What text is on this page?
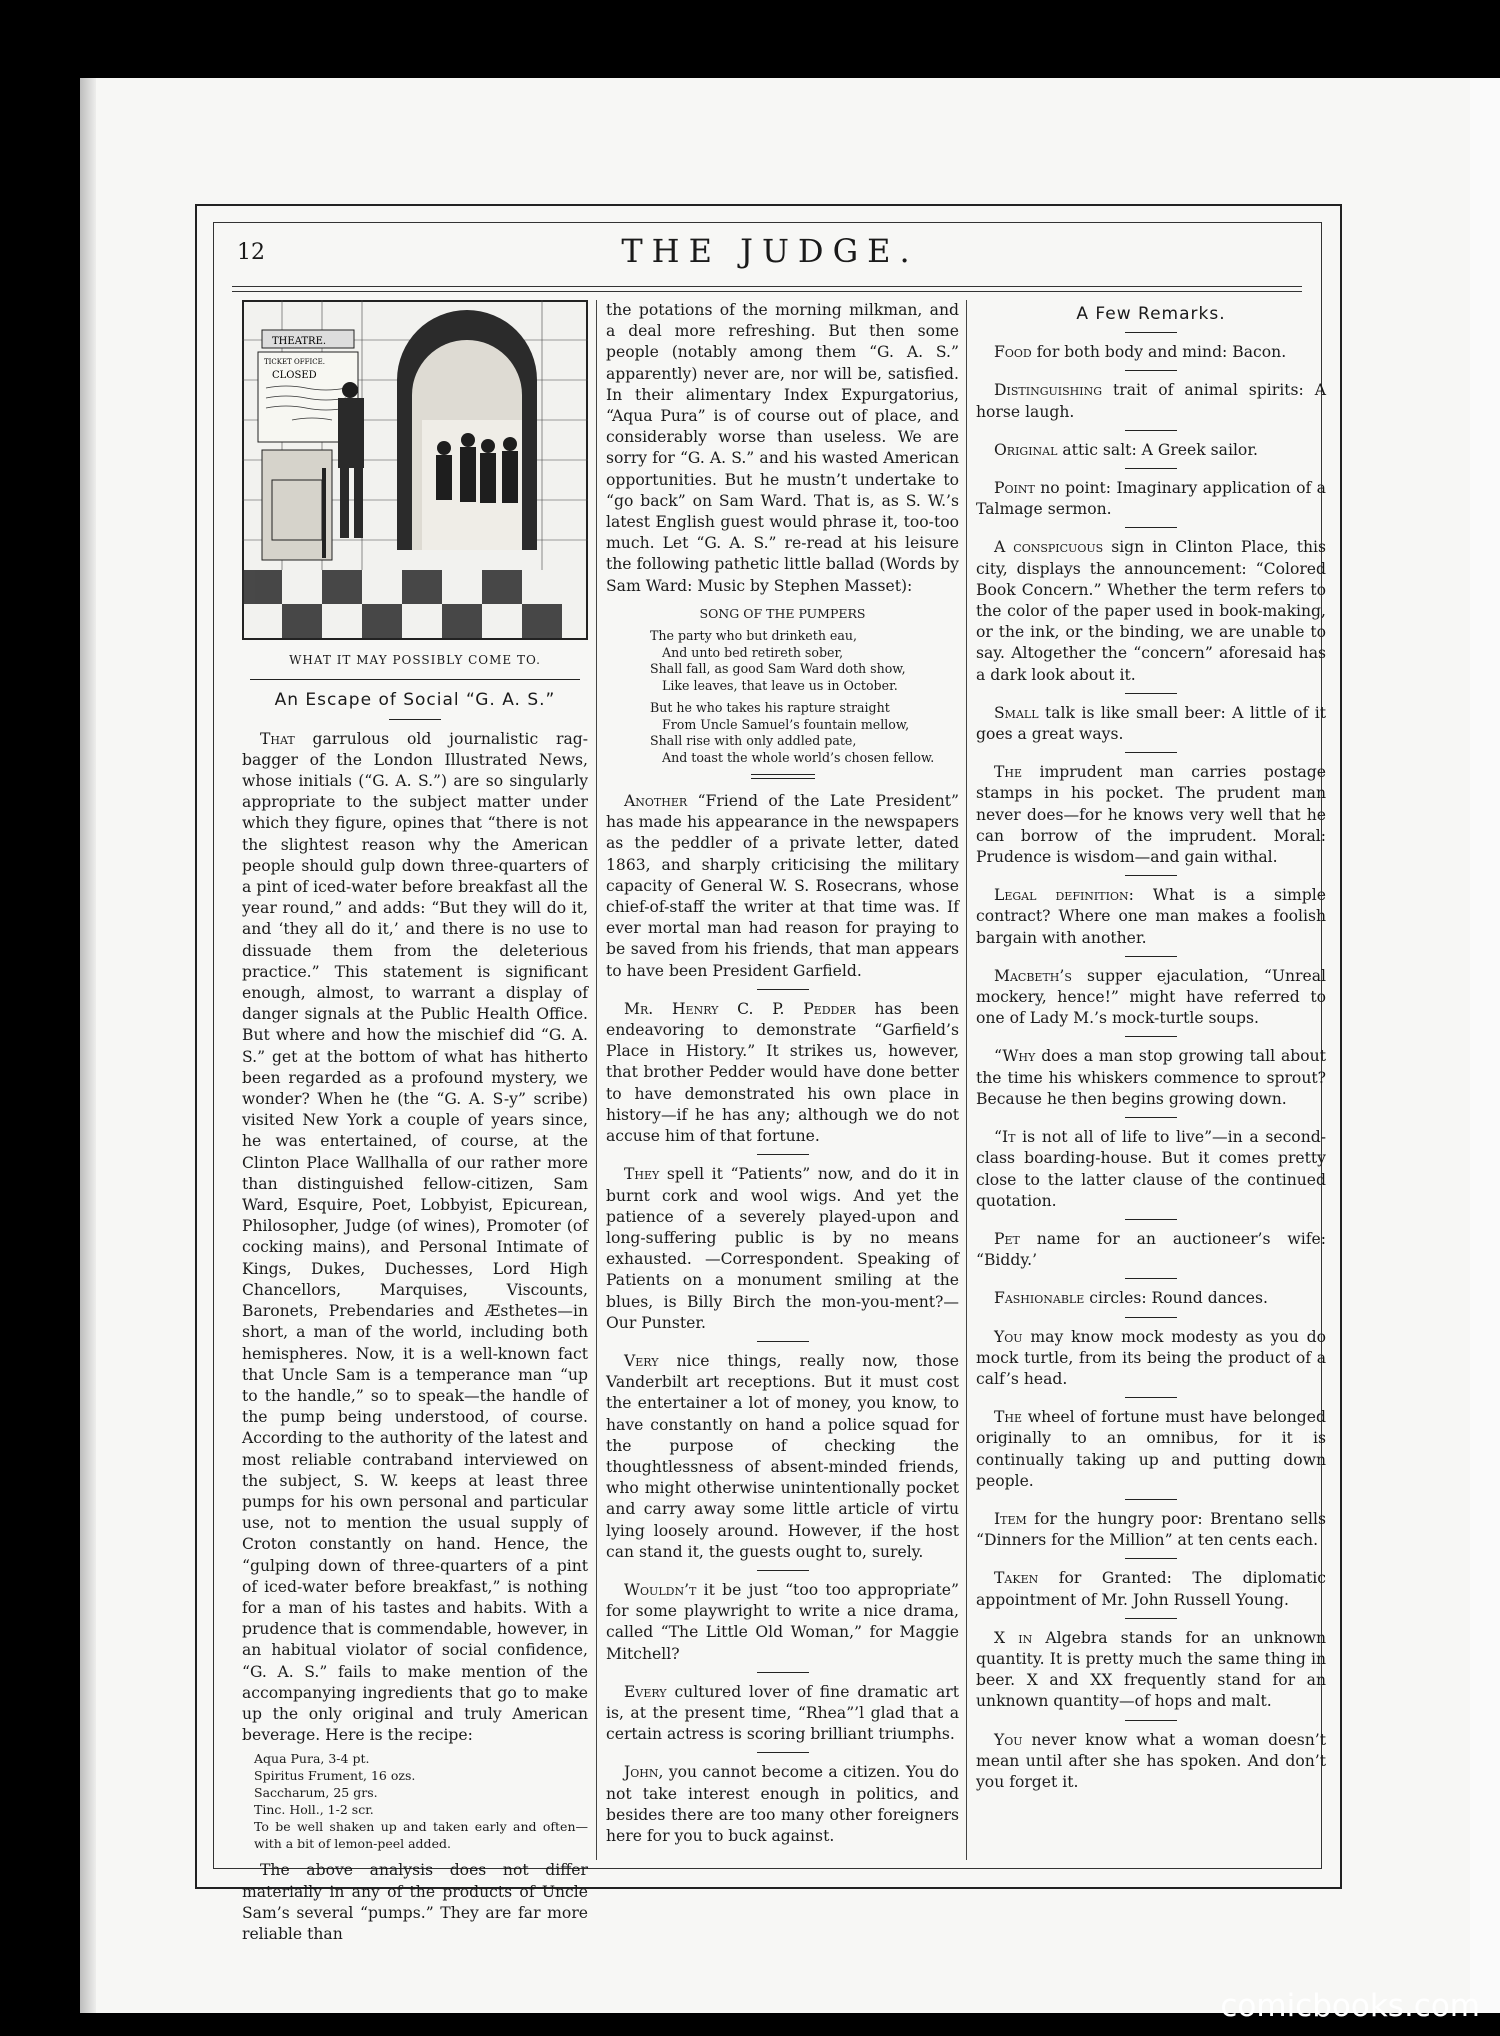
12	THE JUDGE.
THEATRE.
TICKET OFFICE.
CLOSED
WHAT IT MAY POSSIBLY COME TO.
An Escape of Social “G. A. S.”

That garrulous old journalistic rag-bagger of the London Illustrated News, whose initials (“G. A. S.”) are so singularly appropriate to the subject matter under which they figure, opines that “there is not the slightest reason why the American people should gulp down three-quarters of a pint of iced-water before breakfast all the year round,” and adds: “But they will do it, and ‘they all do it,’ and there is no use to dissuade them from the deleterious practice.” This statement is significant enough, almost, to warrant a display of danger signals at the Public Health Office. But where and how the mischief did “G. A. S.” get at the bottom of what has hitherto been regarded as a profound mystery, we wonder? When he (the “G. A. S-y” scribe) visited New York a couple of years since, he was entertained, of course, at the Clinton Place Wallhalla of our rather more than distinguished fellow-citizen, Sam Ward, Esquire, Poet, Lobbyist, Epicurean, Philosopher, Judge (of wines), Promoter (of cocking mains), and Personal Intimate of Kings, Dukes, Duchesses, Lord High Chancellors, Marquises, Viscounts, Baronets, Prebendaries and Æsthetes—in short, a man of the world, including both hemispheres. Now, it is a well-known fact that Uncle Sam is a temperance man “up to the handle,” so to speak—the handle of the pump being understood, of course. According to the authority of the latest and most reliable contraband interviewed on the subject, S. W. keeps at least three pumps for his own personal and particular use, not to mention the usual supply of Croton constantly on hand. Hence, the “gulping down of three-quarters of a pint of iced-water before breakfast,” is nothing for a man of his tastes and habits. With a prudence that is commendable, however, in an habitual violator of social confidence, “G. A. S.” fails to make mention of the accompanying ingredients that go to make up the only original and truly American beverage. Here is the recipe:

Aqua Pura, 3-4 pt.
Spiritus Frument, 16 ozs.
Saccharum, 25 grs.
Tinc. Holl., 1-2 scr.
To be well shaken up and taken early and often—with a bit of lemon-peel added.

The above analysis does not differ materially in any of the products of Uncle Sam’s several “pumps.” They are far more reliable than

the potations of the morning milkman, and a deal more refreshing. But then some people (notably among them “G. A. S.” apparently) never are, nor will be, satisfied. In their alimentary Index Expurgatorius, “Aqua Pura” is of course out of place, and considerably worse than useless. We are sorry for “G. A. S.” and his wasted American opportunities. But he mustn’t undertake to “go back” on Sam Ward. That is, as S. W.’s latest English guest would phrase it, too-too much. Let “G. A. S.” re-read at his leisure the following pathetic little ballad (Words by Sam Ward: Music by Stephen Masset):

SONG OF THE PUMPERS
The party who but drinketh eau,
And unto bed retireth sober,
Shall fall, as good Sam Ward doth show,
Like leaves, that leave us in October.
But he who takes his rapture straight
From Uncle Samuel’s fountain mellow,
Shall rise with only addled pate,
And toast the whole world’s chosen fellow.

Another “Friend of the Late President” has made his appearance in the newspapers as the peddler of a private letter, dated 1863, and sharply criticising the military capacity of General W. S. Rosecrans, whose chief-of-staff the writer at that time was. If ever mortal man had reason for praying to be saved from his friends, that man appears to have been President Garfield.

Mr. Henry C. P. Pedder has been endeavoring to demonstrate “Garfield’s Place in History.” It strikes us, however, that brother Pedder would have done better to have demonstrated his own place in history—if he has any; although we do not accuse him of that fortune.

They spell it “Patients” now, and do it in burnt cork and wool wigs. And yet the patience of a severely played-upon and long-suffering public is by no means exhausted. —Correspondent. Speaking of Patients on a monument smiling at the blues, is Billy Birch the mon-you-ment?—Our Punster.

Very nice things, really now, those Vanderbilt art receptions. But it must cost the entertainer a lot of money, you know, to have constantly on hand a police squad for the purpose of checking the thoughtlessness of absent-minded friends, who might otherwise unintentionally pocket and carry away some little article of virtu lying loosely around. However, if the host can stand it, the guests ought to, surely.

Wouldn’t it be just “too too appropriate” for some playwright to write a nice drama, called “The Little Old Woman,” for Maggie Mitchell?

Every cultured lover of fine dramatic art is, at the present time, “Rhea”’l glad that a certain actress is scoring brilliant triumphs.

John, you cannot become a citizen. You do not take interest enough in politics, and besides there are too many other foreigners here for you to buck against.

A Few Remarks.

Food for both body and mind: Bacon.

Distinguishing trait of animal spirits: A horse laugh.

Original attic salt: A Greek sailor.

Point no point: Imaginary application of a Talmage sermon.

A conspicuous sign in Clinton Place, this city, displays the announcement: “Colored Book Concern.” Whether the term refers to the color of the paper used in book-making, or the ink, or the binding, we are unable to say. Altogether the “concern” aforesaid has a dark look about it.

Small talk is like small beer: A little of it goes a great ways.

The imprudent man carries postage stamps in his pocket. The prudent man never does—for he knows very well that he can borrow of the imprudent. Moral: Prudence is wisdom—and gain withal.

Legal definition: What is a simple contract? Where one man makes a foolish bargain with another.

Macbeth’s supper ejaculation, “Unreal mockery, hence!” might have referred to one of Lady M.’s mock-turtle soups.

“Why does a man stop growing tall about the time his whiskers commence to sprout? Because he then begins growing down.

“It is not all of life to live”—in a second-class boarding-house. But it comes pretty close to the latter clause of the continued quotation.

Pet name for an auctioneer’s wife: “Biddy.’

Fashionable circles: Round dances.

You may know mock modesty as you do mock turtle, from its being the product of a calf’s head.

The wheel of fortune must have belonged originally to an omnibus, for it is continually taking up and putting down people.

Item for the hungry poor: Brentano sells “Dinners for the Million” at ten cents each.

Taken for Granted: The diplomatic appointment of Mr. John Russell Young.

X in Algebra stands for an unknown quantity. It is pretty much the same thing in beer. X and XX frequently stand for an unknown quantity—of hops and malt.

You never know what a woman doesn’t mean until after she has spoken. And don’t you forget it.

comicbooks.com
